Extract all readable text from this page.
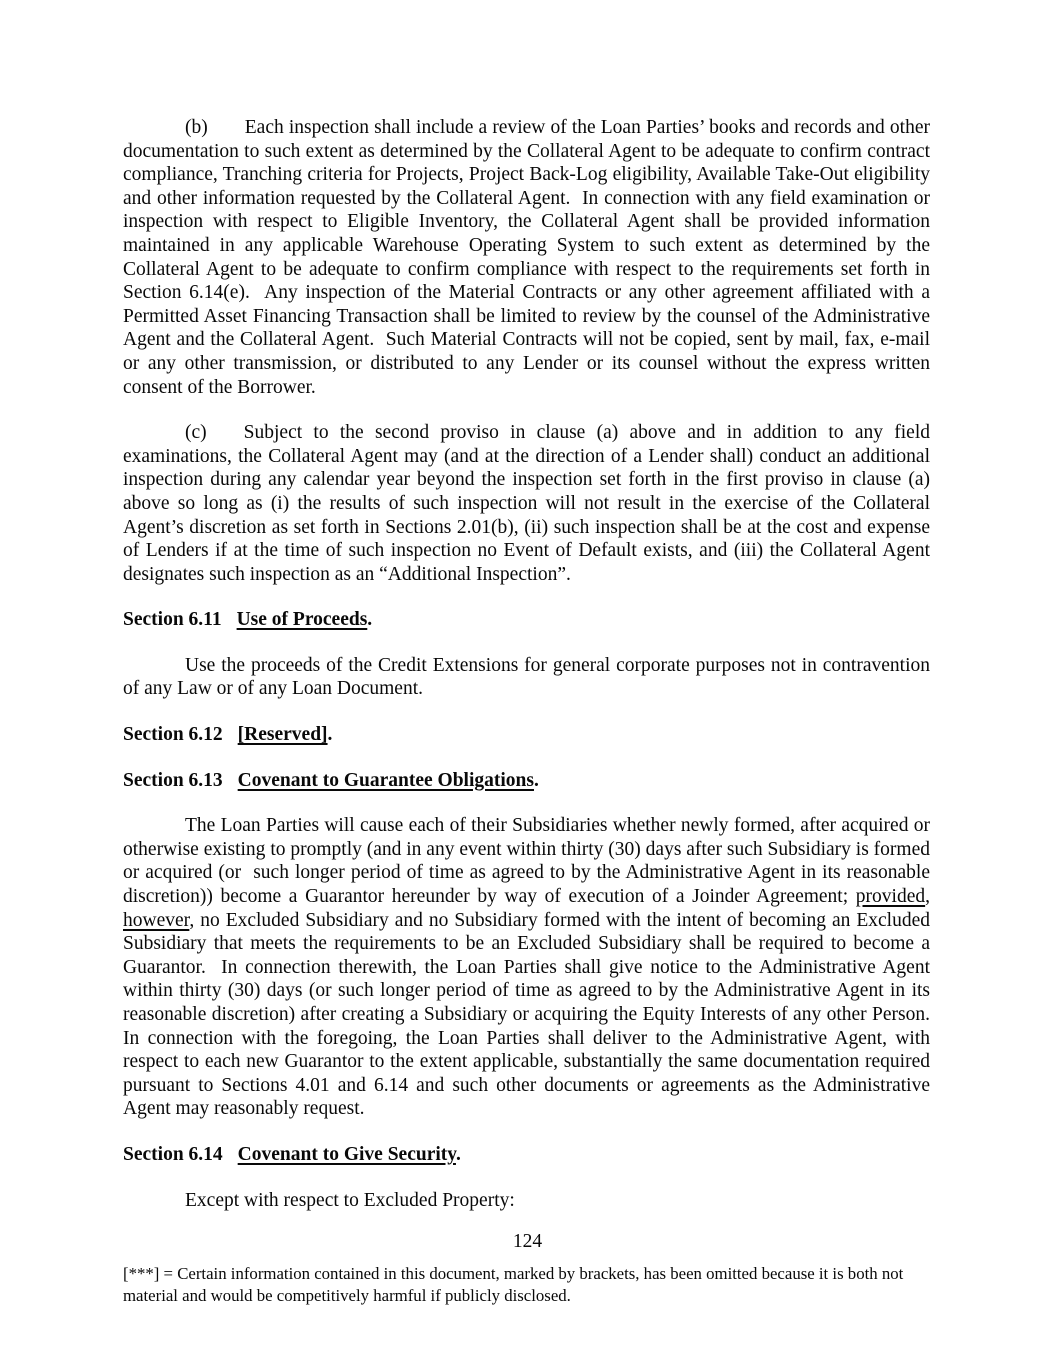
(b) Each inspection shall include a review of the Loan Parties’ books and records and other documentation to such extent as determined by the Collateral Agent to be adequate to confirm contract compliance, Tranching criteria for Projects, Project Back-Log eligibility, Available Take-Out eligibility and other information requested by the Collateral Agent.  In connection with any field examination or inspection with respect to Eligible Inventory, the Collateral Agent shall be provided information maintained in any applicable Warehouse Operating System to such extent as determined by the Collateral Agent to be adequate to confirm compliance with respect to the requirements set forth in Section 6.14(e).  Any inspection of the Material Contracts or any other agreement affiliated with a Permitted Asset Financing Transaction shall be limited to review by the counsel of the Administrative Agent and the Collateral Agent.  Such Material Contracts will not be copied, sent by mail, fax, e-mail or any other transmission, or distributed to any Lender or its counsel without the express written consent of the Borrower.

(c) Subject to the second proviso in clause (a) above and in addition to any field examinations, the Collateral Agent may (and at the direction of a Lender shall) conduct an additional inspection during any calendar year beyond the inspection set forth in the first proviso in clause (a) above so long as (i) the results of such inspection will not result in the exercise of the Collateral Agent’s discretion as set forth in Sections 2.01(b), (ii) such inspection shall be at the cost and expense of Lenders if at the time of such inspection no Event of Default exists, and (iii) the Collateral Agent designates such inspection as an “Additional Inspection”.

Section 6.11 Use of Proceeds.

Use the proceeds of the Credit Extensions for general corporate purposes not in contravention of any Law or of any Loan Document.

Section 6.12 [Reserved].

Section 6.13 Covenant to Guarantee Obligations.

The Loan Parties will cause each of their Subsidiaries whether newly formed, after acquired or otherwise existing to promptly (and in any event within thirty (30) days after such Subsidiary is formed or acquired (or  such longer period of time as agreed to by the Administrative Agent in its reasonable discretion)) become a Guarantor hereunder by way of execution of a Joinder Agreement; provided, however, no Excluded Subsidiary and no Subsidiary formed with the intent of becoming an Excluded Subsidiary that meets the requirements to be an Excluded Subsidiary shall be required to become a Guarantor.  In connection therewith, the Loan Parties shall give notice to the Administrative Agent within thirty (30) days (or such longer period of time as agreed to by the Administrative Agent in its reasonable discretion) after creating a Subsidiary or acquiring the Equity Interests of any other Person.  In connection with the foregoing, the Loan Parties shall deliver to the Administrative Agent, with respect to each new Guarantor to the extent applicable, substantially the same documentation required pursuant to Sections 4.01 and 6.14 and such other documents or agreements as the Administrative Agent may reasonably request.

Section 6.14 Covenant to Give Security.

Except with respect to Excluded Property:

124
[***] = Certain information contained in this document, marked by brackets, has been omitted because it is both not material and would be competitively harmful if publicly disclosed.
